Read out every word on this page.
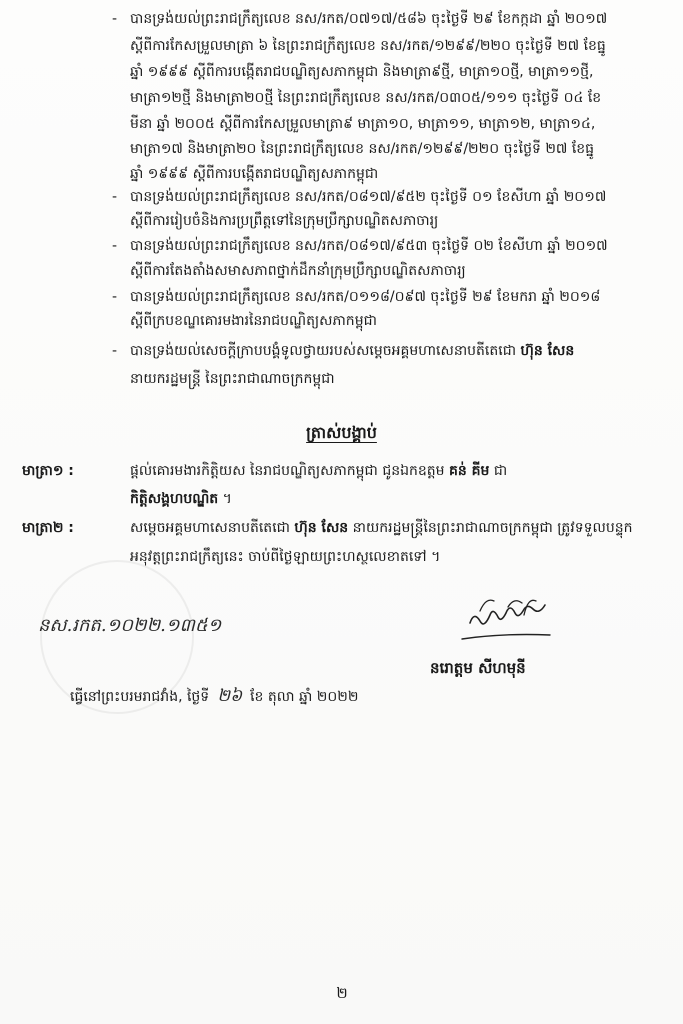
- បានទ្រង់យល់ព្រះរាជក្រឹត្យលេខ នស/រកត/០៧១៧/៥៨៦ ចុះថ្ងៃទី ២៩ ខែកក្កដា ឆ្នាំ ២០១៧
ស្តីពីការកែសម្រួលមាត្រា ៦ នៃព្រះរាជក្រឹត្យលេខ នស/រកត/១២៩៩/២២០ ចុះថ្ងៃទី ២៧ ខែធ្នូ
ឆ្នាំ ១៩៩៩ ស្តីពីការបង្កើតរាជបណ្ឌិត្យសភាកម្ពុជា និងមាត្រា៩ថ្មី, មាត្រា១០ថ្មី, មាត្រា១១ថ្មី,
មាត្រា១២ថ្មី និងមាត្រា២០ថ្មី នៃព្រះរាជក្រឹត្យលេខ នស/រកត/០៣០៥/១១១ ចុះថ្ងៃទី ០៤ ខែ
មីនា ឆ្នាំ ២០០៥ ស្តីពីការកែសម្រួលមាត្រា៩ មាត្រា១០, មាត្រា១១, មាត្រា១២, មាត្រា១៤,
មាត្រា១៧ និងមាត្រា២០ នៃព្រះរាជក្រឹត្យលេខ នស/រកត/១២៩៩/២២០ ចុះថ្ងៃទី ២៧ ខែធ្នូ
ឆ្នាំ ១៩៩៩ ស្តីពីការបង្កើតរាជបណ្ឌិត្យសភាកម្ពុជា
- បានទ្រង់យល់ព្រះរាជក្រឹត្យលេខ នស/រកត/០៨១៧/៩៥២ ចុះថ្ងៃទី ០១ ខែសីហា ឆ្នាំ ២០១៧
ស្តីពីការរៀបចំនិងការប្រព្រឹត្តទៅនៃក្រុមប្រឹក្សាបណ្ឌិតសភាចារ្យ
- បានទ្រង់យល់ព្រះរាជក្រឹត្យលេខ នស/រកត/០៨១៧/៩៥៣ ចុះថ្ងៃទី ០២ ខែសីហា ឆ្នាំ ២០១៧
ស្តីពីការតែងតាំងសមាសភាពថ្នាក់ដឹកនាំក្រុមប្រឹក្សាបណ្ឌិតសភាចារ្យ
- បានទ្រង់យល់ព្រះរាជក្រឹត្យលេខ នស/រកត/០១១៨/០៩៧ ចុះថ្ងៃទី ២៩ ខែមករា ឆ្នាំ ២០១៨
ស្តីពីក្របខណ្ឌគោរមងារនៃរាជបណ្ឌិត្យសភាកម្ពុជា
- បានទ្រង់យល់សេចក្តីក្រាបបង្គំទូលថ្វាយរបស់សម្តេចអគ្គមហាសេនាបតីតេជោ ហ៊ុន សែន
នាយករដ្ឋមន្ត្រី នៃព្រះរាជាណាចក្រកម្ពុជា
ត្រាស់បង្គាប់
មាត្រា១ :	ផ្តល់គោរមងារកិត្តិយស នៃរាជបណ្ឌិត្យសភាកម្ពុជា ជូនឯកឧត្តម គន់ គីម ជា
កិត្តិសង្គហបណ្ឌិត ។
មាត្រា២ :	សម្តេចអគ្គមហាសេនាបតីតេជោ ហ៊ុន សែន នាយករដ្ឋមន្ត្រីនៃព្រះរាជាណាចក្រកម្ពុជា ត្រូវទទួលបន្ទុក
អនុវត្តព្រះរាជក្រឹត្យនេះ ចាប់ពីថ្ងៃឡាយព្រះហស្ថលេខាតទៅ ។
នស.រកត.១០២២.១៣៥១
នរោត្តម សីហមុនី
ធ្វើនៅព្រះបរមរាជវាំង, ថ្ងៃទី ២៦ ខែ តុលា ឆ្នាំ ២០២២
២
